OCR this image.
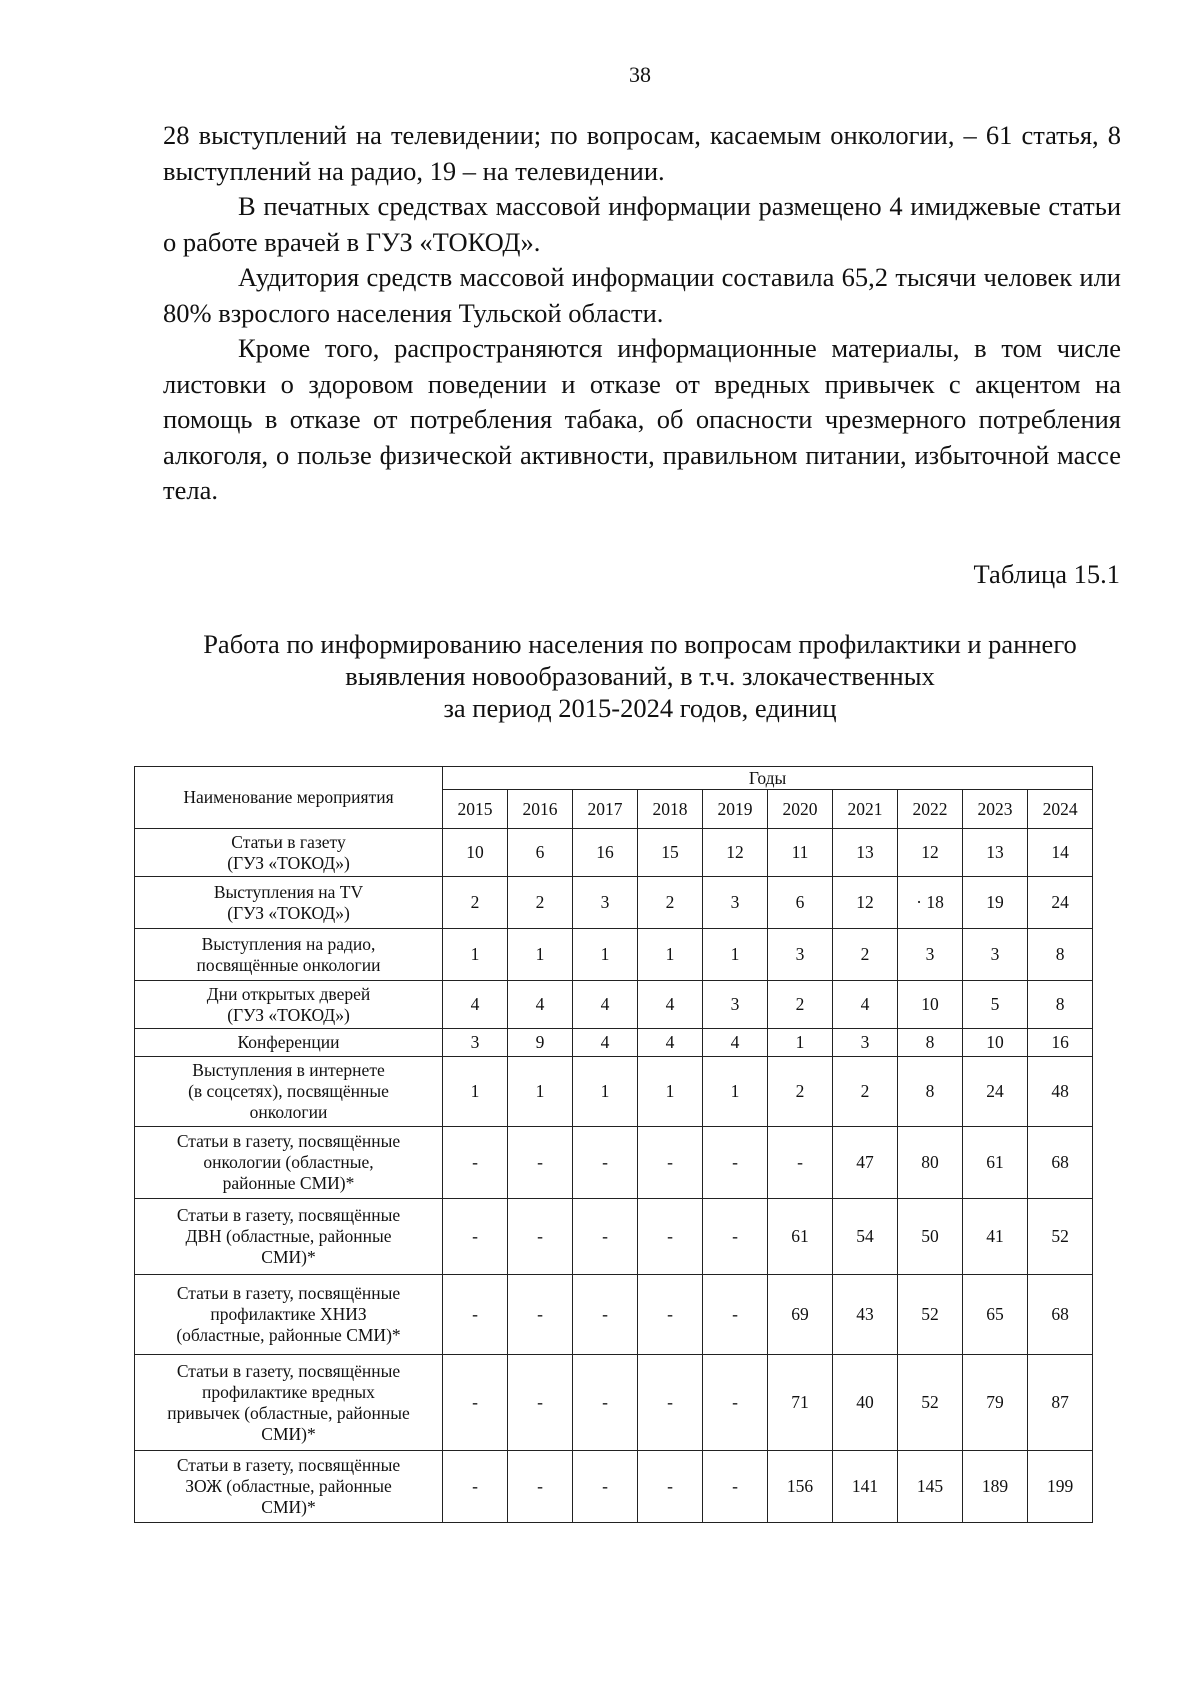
38

28 выступлений на телевидении; по вопросам, касаемым онкологии, – 61 статья, 8 выступлений на радио, 19 – на телевидении.

В печатных средствах массовой информации размещено 4 имиджевые статьи о работе врачей в ГУЗ «ТОКОД».

Аудитория средств массовой информации составила 65,2 тысячи человек или 80% взрослого населения Тульской области.

Кроме того, распространяются информационные материалы, в том числе листовки о здоровом поведении и отказе от вредных привычек с акцентом на помощь в отказе от потребления табака, об опасности чрезмерного потребления алкоголя, о пользе физической активности, правильном питании, избыточной массе тела.

Таблица 15.1
Работа по информированию населения по вопросам профилактики и раннего
выявления новообразований, в т.ч. злокачественных
за период 2015-2024 годов, единиц
Наименование мероприятия	Годы									
	2015	2016	2017	2018	2019	2020	2021	2022	2023	2024

Статьи в газету
(ГУЗ «ТОКОД»)	10	6	16	15	12	11	13	12	13	14

Выступления на TV
(ГУЗ «ТОКОД»)	2	2	3	2	3	6	12	· 18	19	24

Выступления на радио,
посвящённые онкологии	1	1	1	1	1	3	2	3	3	8

Дни открытых дверей
(ГУЗ «ТОКОД»)	4	4	4	4	3	2	4	10	5	8

Конференции	3	9	4	4	4	1	3	8	10	16

Выступления в интернете
(в соцсетях), посвящённые
онкологии	1	1	1	1	1	2	2	8	24	48

Статьи в газету, посвящённые
онкологии (областные,
районные СМИ)*	-	-	-	-	-	-	47	80	61	68

Статьи в газету, посвящённые
ДВН (областные, районные
СМИ)*	-	-	-	-	-	61	54	50	41	52

Статьи в газету, посвящённые
профилактике ХНИЗ
(областные, районные СМИ)*	-	-	-	-	-	69	43	52	65	68

Статьи в газету, посвящённые
профилактике вредных
привычек (областные, районные
СМИ)*	-	-	-	-	-	71	40	52	79	87

Статьи в газету, посвящённые
ЗОЖ (областные, районные
СМИ)*	-	-	-	-	-	156	141	145	189	199
